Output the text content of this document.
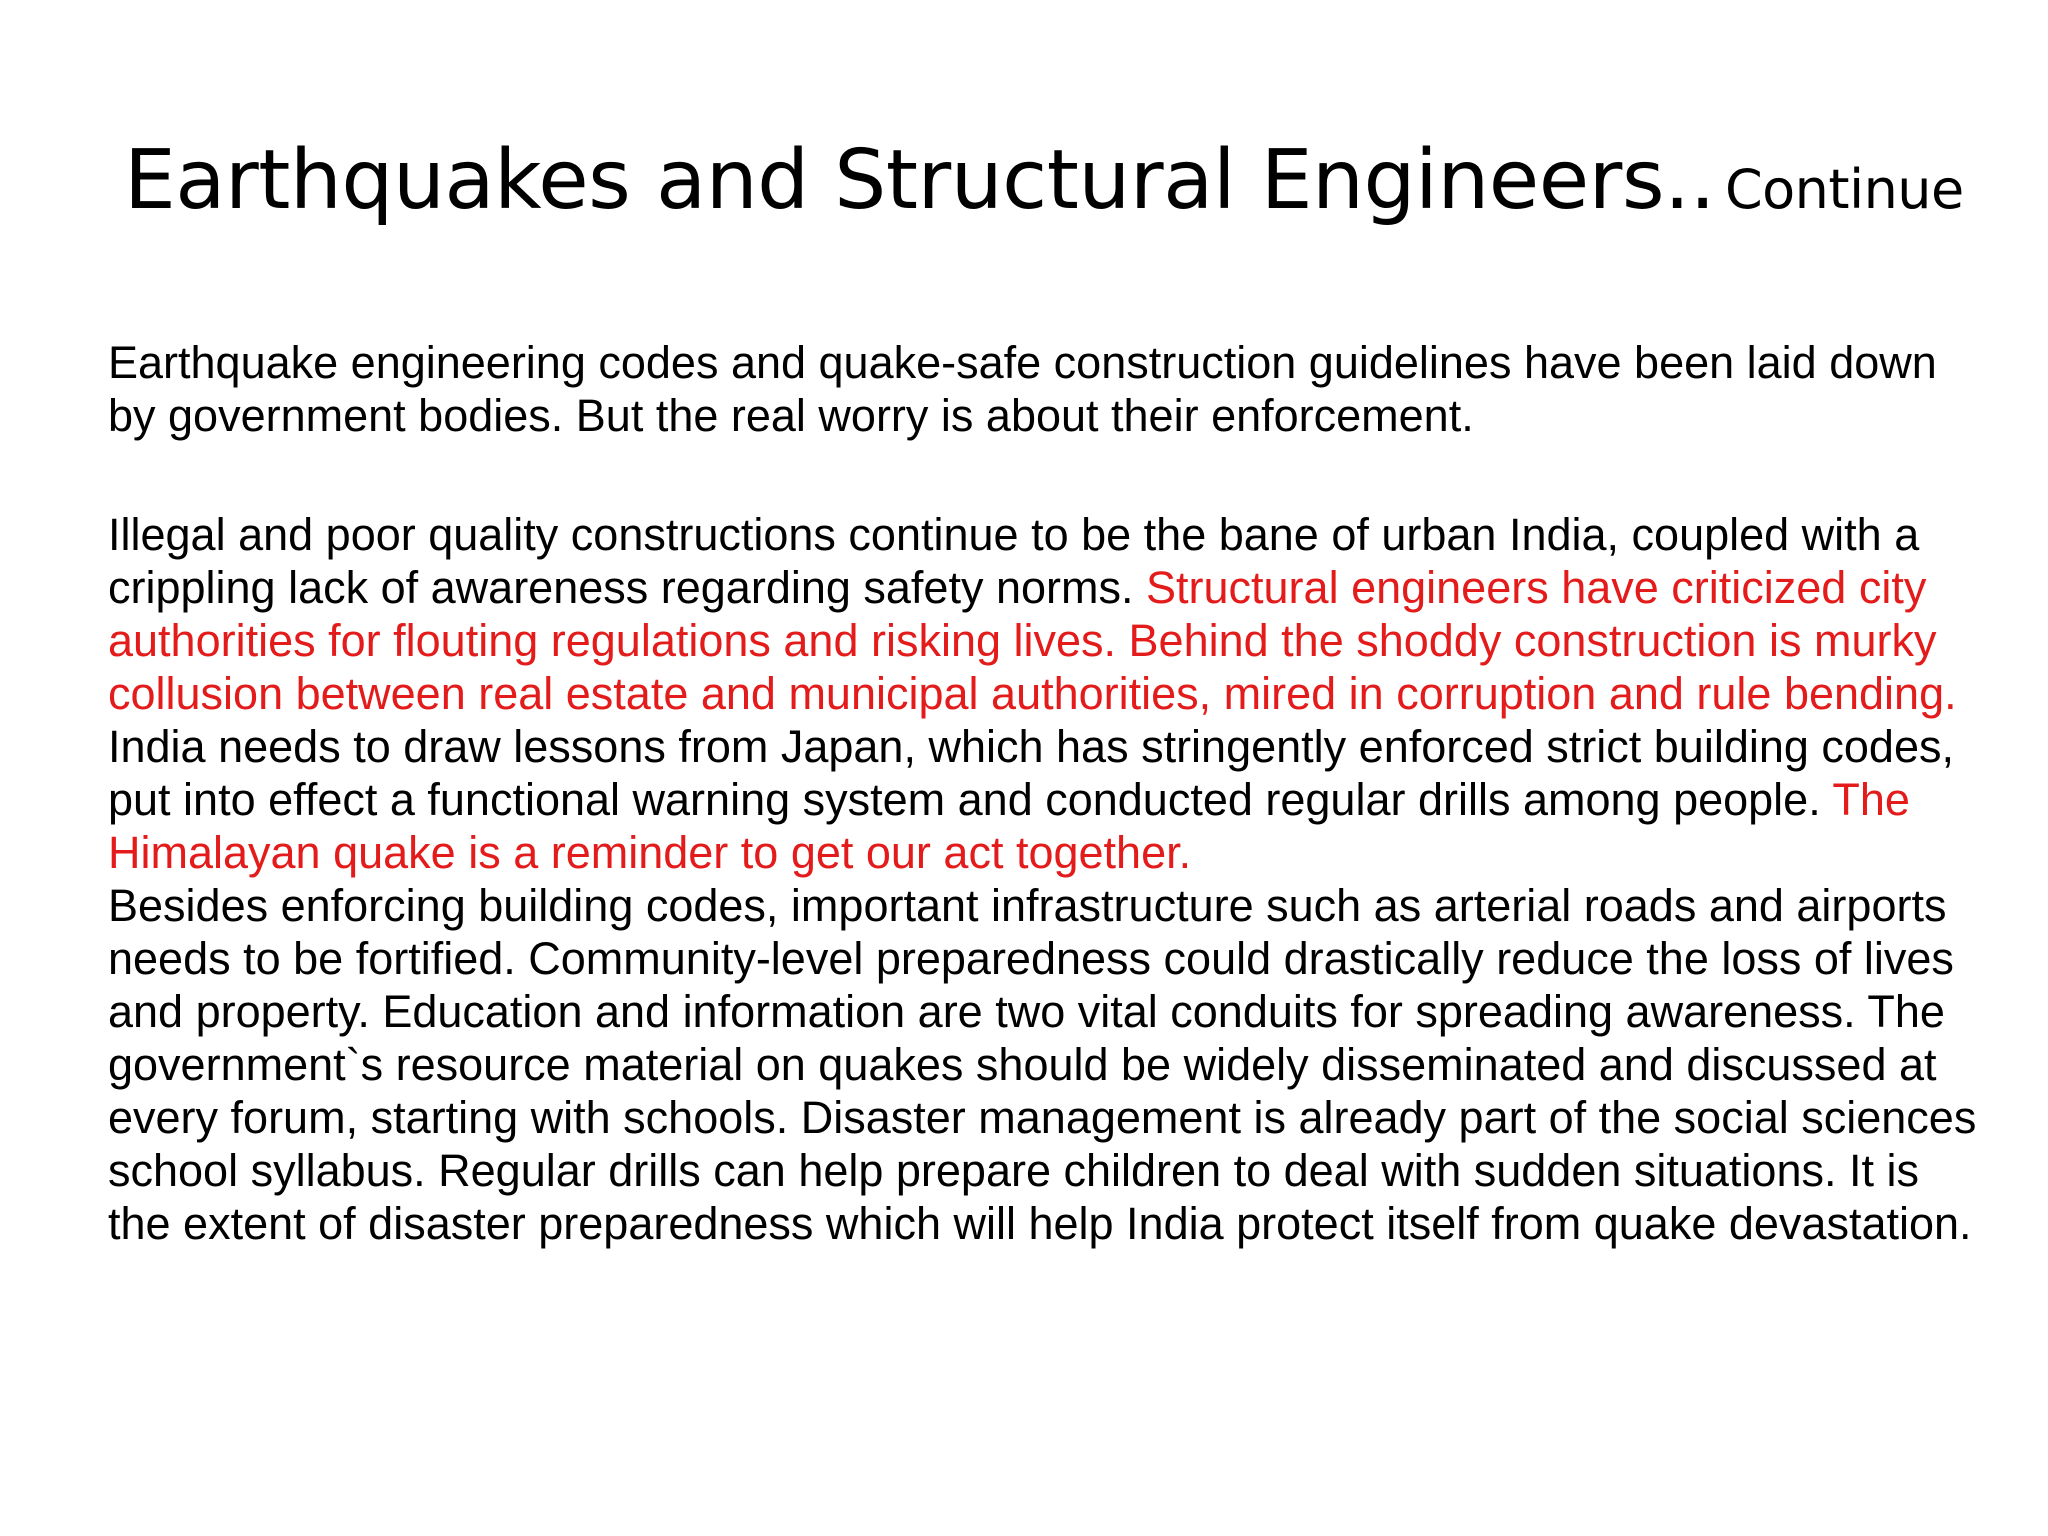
Earthquakes and Structural Engineers.. Continue

Earthquake engineering codes and quake-safe construction guidelines have been laid down by government bodies. But the real worry is about their enforcement.

Illegal and poor quality constructions continue to be the bane of urban India, coupled with a crippling lack of awareness regarding safety norms. Structural engineers have criticized city authorities for flouting regulations and risking lives. Behind the shoddy construction is murky collusion between real estate and municipal authorities, mired in corruption and rule bending.
India needs to draw lessons from Japan, which has stringently enforced strict building codes, put into effect a functional warning system and conducted regular drills among people. The Himalayan quake is a reminder to get our act together.
Besides enforcing building codes, important infrastructure such as arterial roads and airports needs to be fortified. Community-level preparedness could drastically reduce the loss of lives and property. Education and information are two vital conduits for spreading awareness. The government`s resource material on quakes should be widely disseminated and discussed at every forum, starting with schools. Disaster management is already part of the social sciences school syllabus. Regular drills can help prepare children to deal with sudden situations. It is the extent of disaster preparedness which will help India protect itself from quake devastation.
